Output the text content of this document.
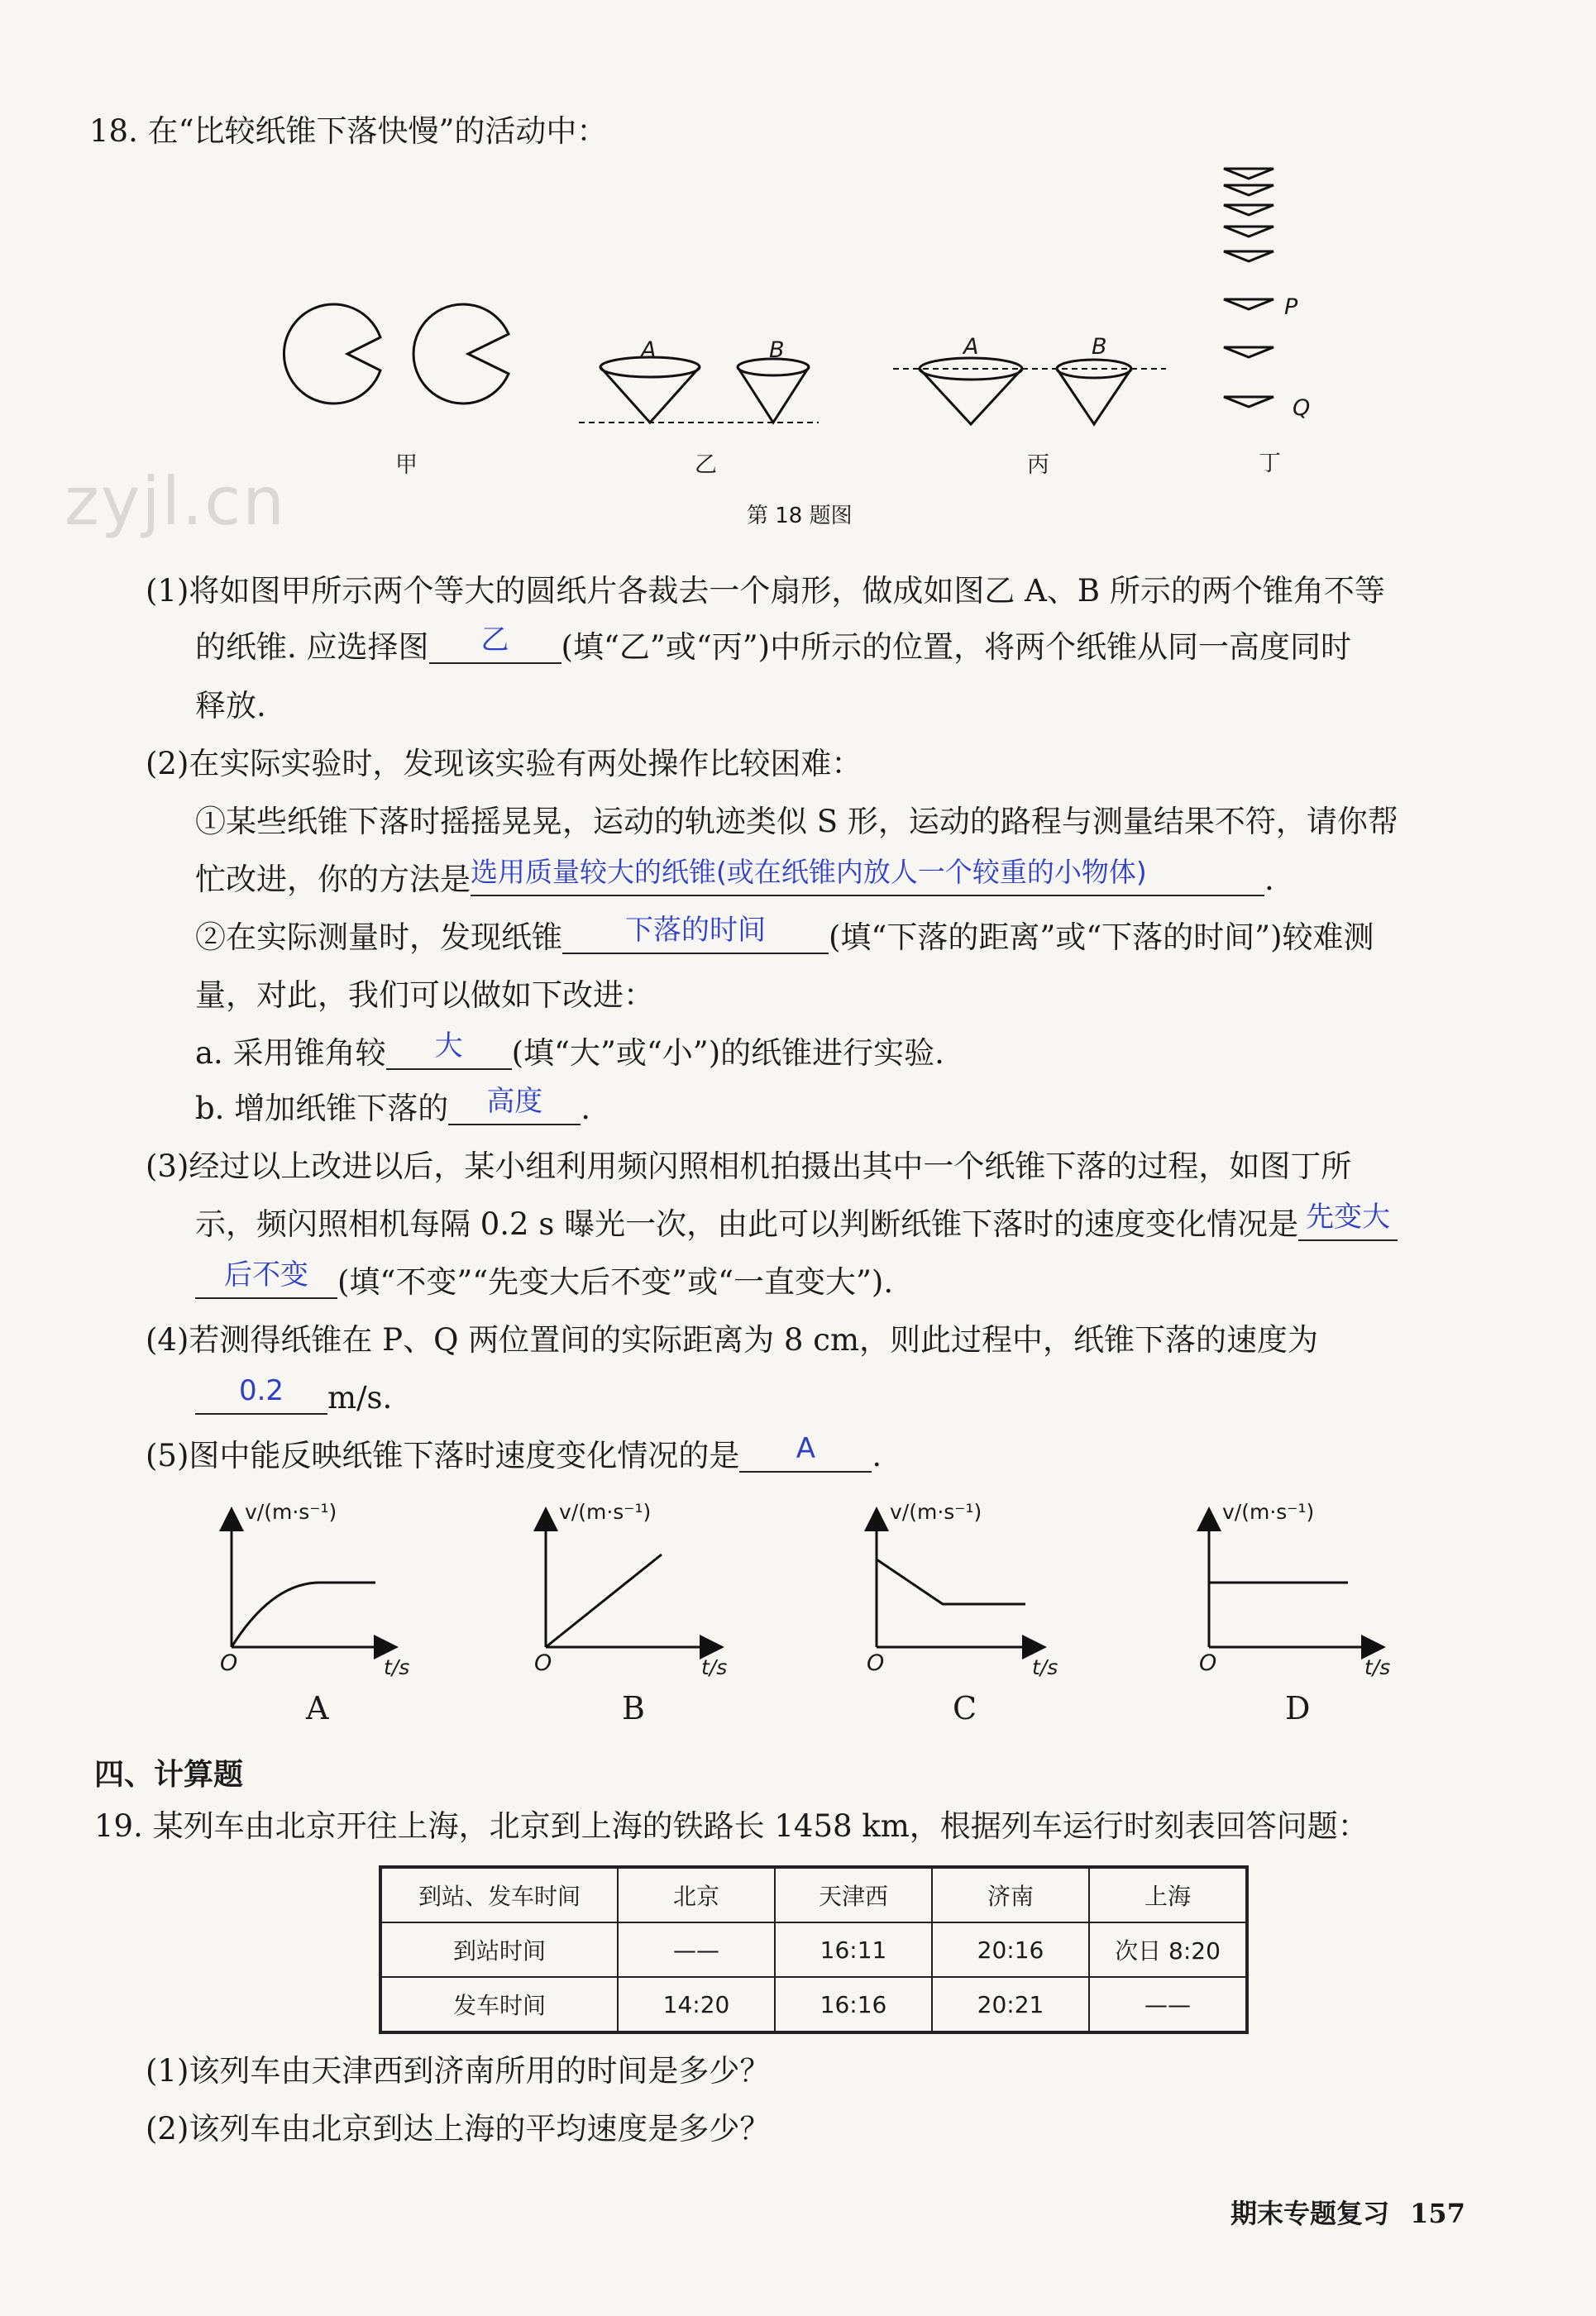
zyjl.cn
18. 在“比较纸锥下落快慢”的活动中：
A	B	A	B
P
Q
甲	乙	丙	丁
第 18 题图
(1)将如图甲所示两个等大的圆纸片各裁去一个扇形，做成如图乙 A、B 所示的两个锥角不等
的纸锥. 应选择图 乙 (填“乙”或“丙”)中所示的位置，将两个纸锥从同一高度同时
释放.
(2)在实际实验时，发现该实验有两处操作比较困难：
①某些纸锥下落时摇摇晃晃，运动的轨迹类似 S 形，运动的路程与测量结果不符，请你帮
忙改进，你的方法是选用质量较大的纸锥(或在纸锥内放人一个较重的小物体)	.
②在实际测量时，发现纸锥 下落的时间 (填“下落的距离”或“下落的时间”)较难测
量，对此，我们可以做如下改进：
a. 采用锥角较 大 (填“大”或“小”)的纸锥进行实验.
b. 增加纸锥下落的 高度 .
(3)经过以上改进以后，某小组利用频闪照相机拍摄出其中一个纸锥下落的过程，如图丁所
示，频闪照相机每隔 0.2 s 曝光一次，由此可以判断纸锥下落时的速度变化情况是 先变大
后不变 (填“不变”“先变大后不变”或“一直变大”).
(4)若测得纸锥在 P、Q 两位置间的实际距离为 8 cm，则此过程中，纸锥下落的速度为
0.2 m/s.
(5)图中能反映纸锥下落时速度变化情况的是 A .
v/(m·s⁻¹)	v/(m·s⁻¹)	v/(m·s⁻¹)	v/(m·s⁻¹)
O	O	O	O
t/s	t/s	t/s	t/s
A	B	C	D
四、计算题
19. 某列车由北京开往上海，北京到上海的铁路长 1458 km，根据列车运行时刻表回答问题：
到站、发车时间	北京	天津西	济南	上海
到站时间	——	16:11	20:16	次日 8:20
发车时间	14:20	16:16	20:21	——
(1)该列车由天津西到济南所用的时间是多少？
(2)该列车由北京到达上海的平均速度是多少？
期末专题复习 157
